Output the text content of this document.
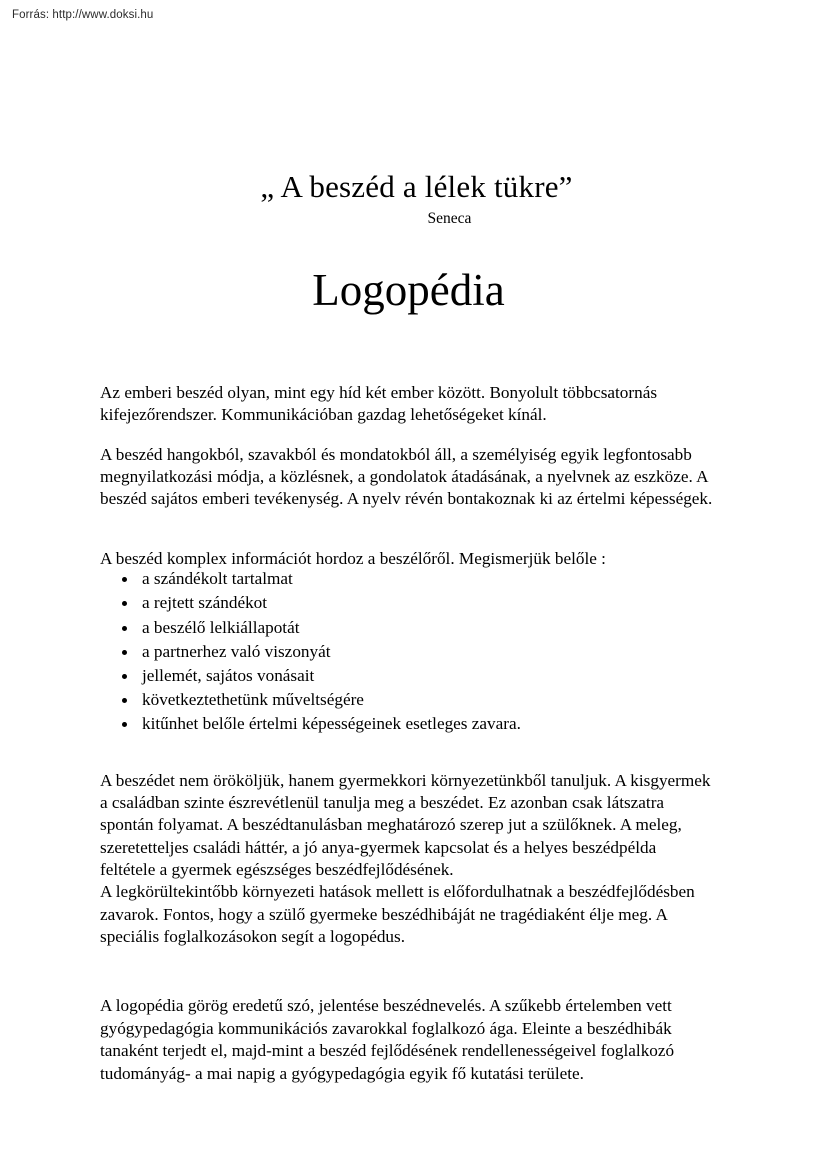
Forrás: http://www.doksi.hu
„ A beszéd a lélek tükre”
Seneca
Logopédia

Az emberi beszéd olyan, mint egy híd két ember között. Bonyolult többcsatornás kifejezőrendszer. Kommunikációban gazdag lehetőségeket kínál.

A beszéd hangokból, szavakból és mondatokból áll, a személyiség egyik legfontosabb megnyilatkozási módja, a közlésnek, a gondolatok átadásának, a nyelvnek az eszköze. A beszéd sajátos emberi tevékenység. A nyelv révén bontakoznak ki az értelmi képességek.

A beszéd komplex információt hordoz a beszélőről. Megismerjük belőle :

a szándékolt tartalmat
a rejtett szándékot
a beszélő lelkiállapotát
a partnerhez való viszonyát
jellemét, sajátos vonásait
következtethetünk műveltségére
kitűnhet belőle értelmi képességeinek esetleges zavara.

A beszédet nem örököljük, hanem gyermekkori környezetünkből tanuljuk. A kisgyermek a családban szinte észrevétlenül tanulja meg a beszédet. Ez azonban csak látszatra spontán folyamat. A beszédtanulásban meghatározó szerep jut a szülőknek. A meleg, szeretetteljes családi háttér, a jó anya-gyermek kapcsolat és a helyes beszédpélda feltétele a gyermek egészséges beszédfejlődésének.

A legkörültekintőbb környezeti hatások mellett is előfordulhatnak a beszédfejlődésben zavarok. Fontos, hogy a szülő gyermeke beszédhibáját ne tragédiaként élje meg. A speciális foglalkozásokon segít a logopédus.

A logopédia görög eredetű szó, jelentése beszédnevelés. A szűkebb értelemben vett gyógypedagógia kommunikációs zavarokkal foglalkozó ága. Eleinte a beszédhibák tanaként terjedt el, majd-mint a beszéd fejlődésének rendellenességeivel foglalkozó tudományág- a mai napig a gyógypedagógia egyik fő kutatási területe.
